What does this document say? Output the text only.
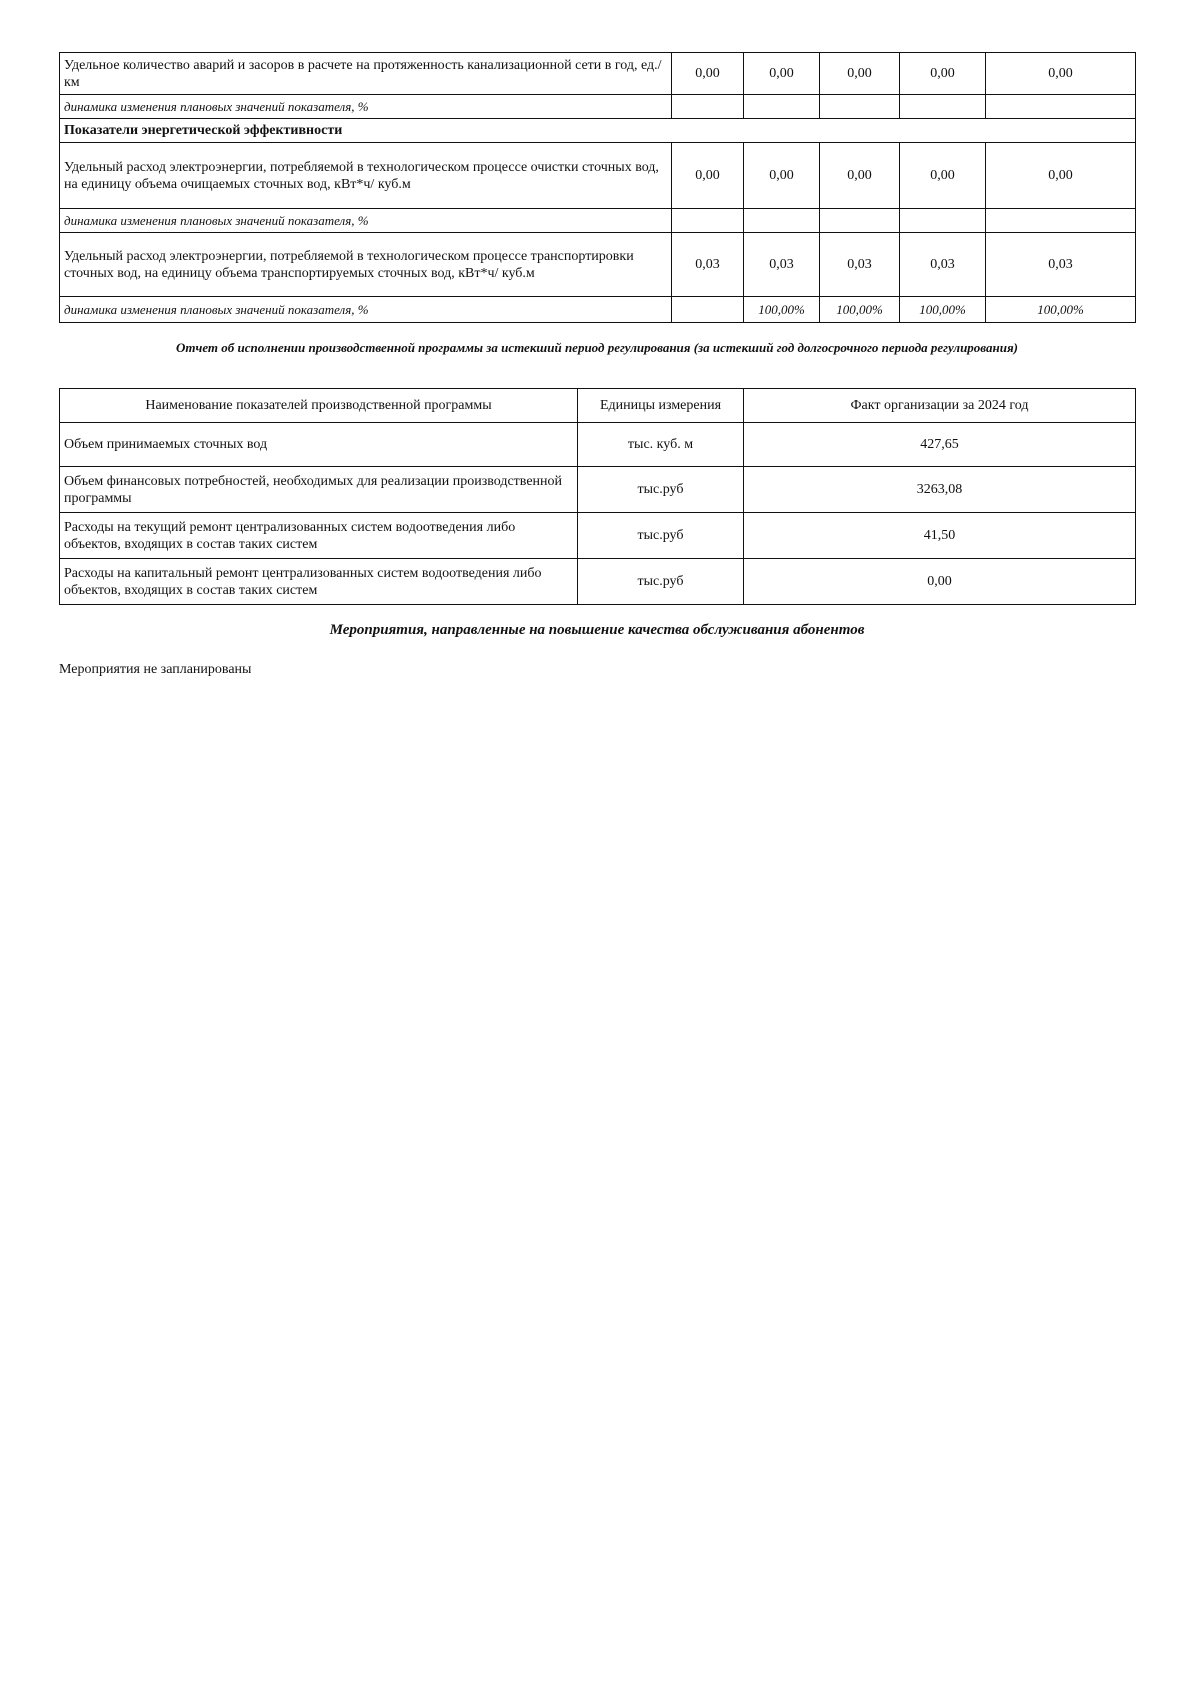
Удельное количество аварий и засоров в расчете на протяженность канализационной сети в год, ед./км	0,00	0,00	0,00	0,00	0,00
динамика изменения плановых значений показателя, %					
Показатели энергетической эффективности					
Удельный расход электроэнергии, потребляемой в технологическом процессе очистки сточных вод, на единицу объема очищаемых сточных вод, кВт*ч/ куб.м	0,00	0,00	0,00	0,00	0,00
динамика изменения плановых значений показателя, %					
Удельный расход электроэнергии, потребляемой в технологическом процессе транспортировки сточных вод, на единицу объема транспортируемых сточных вод, кВт*ч/ куб.м	0,03	0,03	0,03	0,03	0,03
динамика изменения плановых значений показателя, %		100,00%	100,00%	100,00%	100,00%
Отчет об исполнении производственной программы за истекший период регулирования (за истекший год долгосрочного периода регулирования)
Наименование показателей производственной программы	Единицы измерения	Факт организации за 2024 год
Объем принимаемых сточных вод	тыс. куб. м	427,65
Объем финансовых потребностей, необходимых для реализации производственной программы	тыс.руб	3263,08
Расходы на текущий ремонт централизованных систем водоотведения либо объектов, входящих в состав таких систем	тыс.руб	41,50
Расходы на капитальный ремонт централизованных систем водоотведения либо объектов, входящих в состав таких систем	тыс.руб	0,00
Мероприятия, направленные на повышение качества обслуживания абонентов
Мероприятия не запланированы
